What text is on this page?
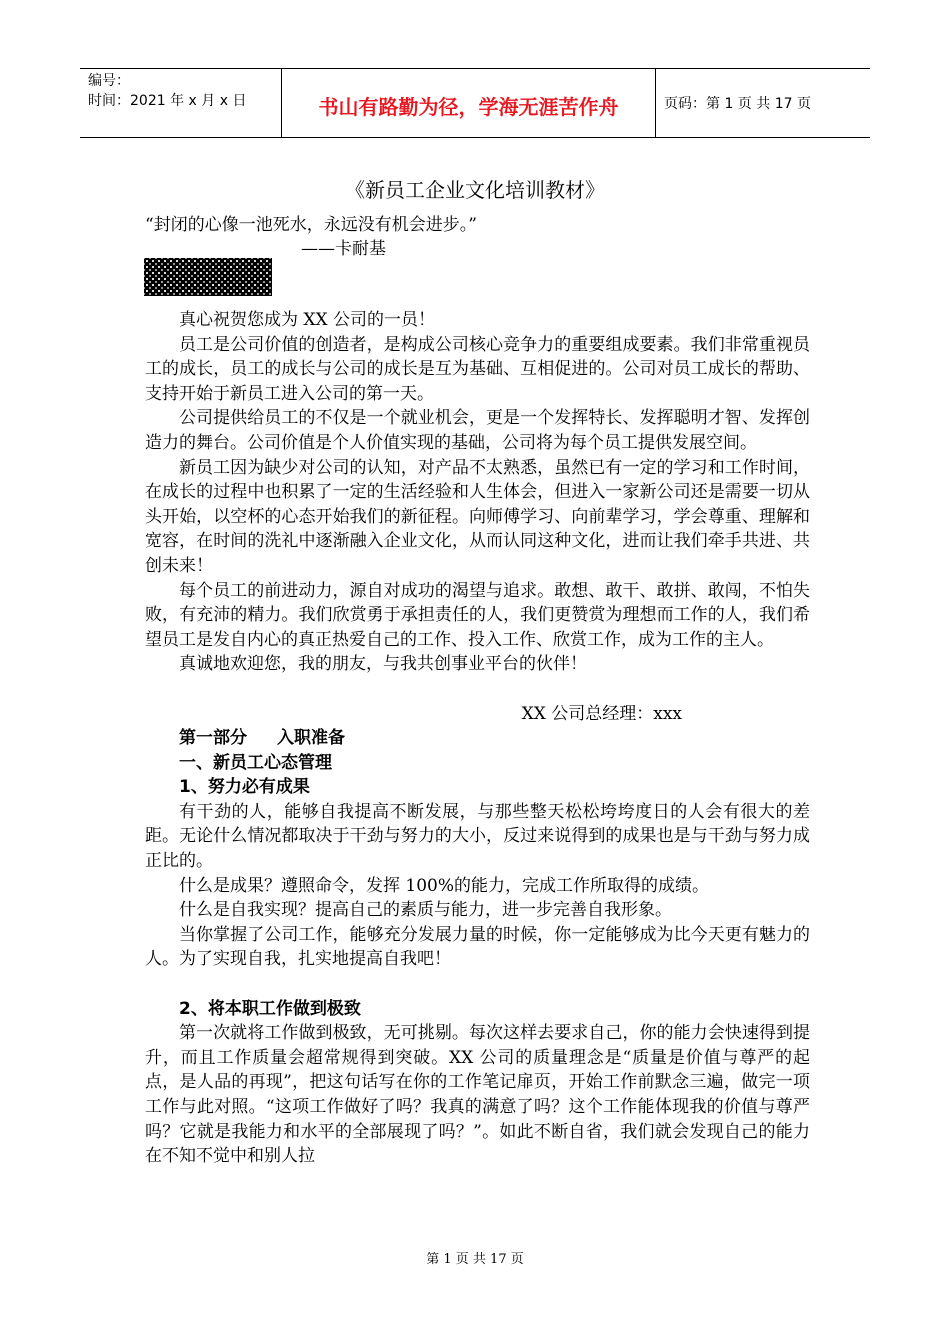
编号：
时间：2021 年 x 月 x 日	书山有路勤为径，学海无涯苦作舟	页码：第 1 页 共 17 页
《新员工企业文化培训教材》
“封闭的心像一池死水，永远没有机会进步。”
——卡耐基

真心祝贺您成为 XX 公司的一员！

员工是公司价值的创造者，是构成公司核心竞争力的重要组成要素。我们非常重视员工的成长，员工的成长与公司的成长是互为基础、互相促进的。公司对员工成长的帮助、支持开始于新员工进入公司的第一天。

公司提供给员工的不仅是一个就业机会，更是一个发挥特长、发挥聪明才智、发挥创造力的舞台。公司价值是个人价值实现的基础，公司将为每个员工提供发展空间。

新员工因为缺少对公司的认知，对产品不太熟悉，虽然已有一定的学习和工作时间，在成长的过程中也积累了一定的生活经验和人生体会，但进入一家新公司还是需要一切从头开始，以空杯的心态开始我们的新征程。向师傅学习、向前辈学习，学会尊重、理解和宽容，在时间的洗礼中逐渐融入企业文化，从而认同这种文化，进而让我们牵手共进、共创未来！

每个员工的前进动力，源自对成功的渴望与追求。敢想、敢干、敢拼、敢闯，不怕失败，有充沛的精力。我们欣赏勇于承担责任的人，我们更赞赏为理想而工作的人，我们希望员工是发自内心的真正热爱自己的工作、投入工作、欣赏工作，成为工作的主人。

真诚地欢迎您，我的朋友，与我共创事业平台的伙伴！

XX 公司总经理：xxx

第一部分 入职准备

一、新员工心态管理

1、努力必有成果

有干劲的人，能够自我提高不断发展，与那些整天松松垮垮度日的人会有很大的差距。无论什么情况都取决于干劲与努力的大小，反过来说得到的成果也是与干劲与努力成正比的。

什么是成果？遵照命令，发挥 100%的能力，完成工作所取得的成绩。

什么是自我实现？提高自己的素质与能力，进一步完善自我形象。

当你掌握了公司工作，能够充分发展力量的时候，你一定能够成为比今天更有魅力的人。为了实现自我，扎实地提高自我吧！

2、将本职工作做到极致

第一次就将工作做到极致，无可挑剔。每次这样去要求自己，你的能力会快速得到提升，而且工作质量会超常规得到突破。XX 公司的质量理念是“质量是价值与尊严的起点，是人品的再现”，把这句话写在你的工作笔记扉页，开始工作前默念三遍，做完一项工作与此对照。“这项工作做好了吗？我真的满意了吗？这个工作能体现我的价值与尊严吗？它就是我能力和水平的全部展现了吗？”。如此不断自省，我们就会发现自己的能力在不知不觉中和别人拉

第 1 页 共 17 页
